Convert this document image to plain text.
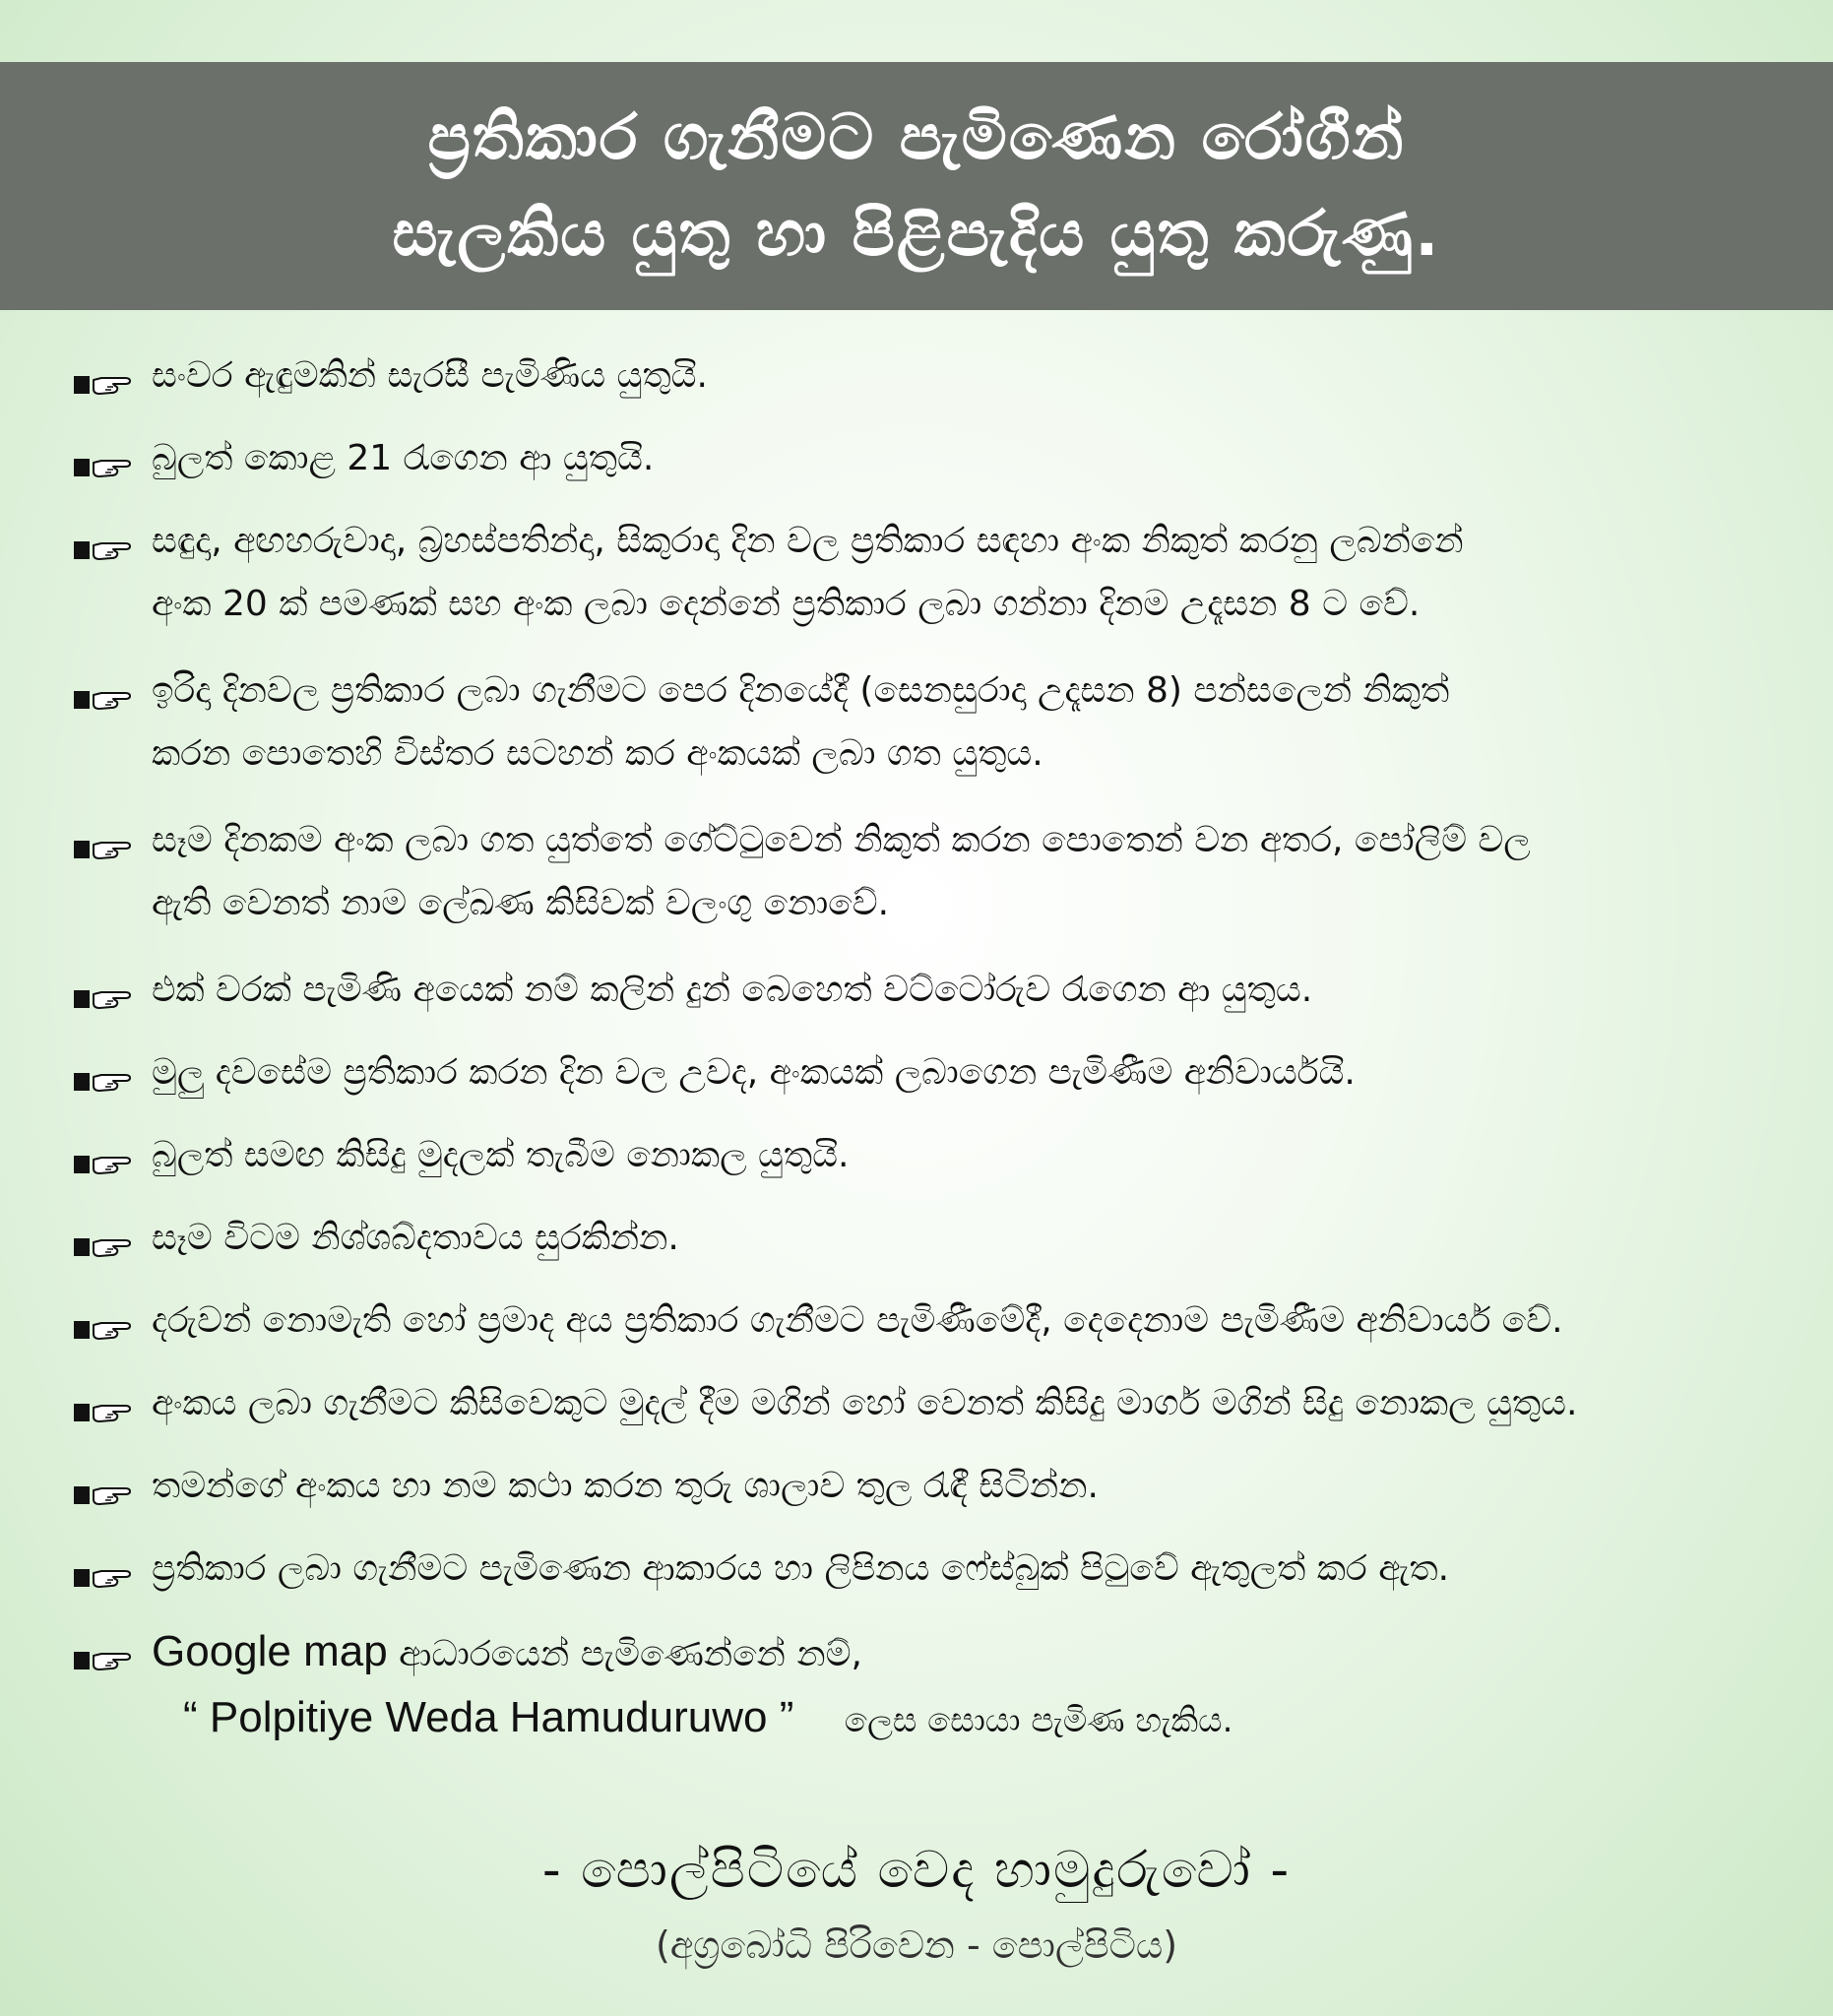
ප්‍රතිකාර ගැනීමට පැමිණෙන රෝගීන්
සැලකිය යුතු හා පිළිපැදිය යුතු කරුණු.
සංවර ඇඳුමකින් සැරසී පැමිණිය යුතුයි.
බුලත් කොළ 21 රැගෙන ආ යුතුයි.
සඳුදා, අඟහරුවාදා, බ්‍රහස්පතින්දා, සිකුරාදා දින වල ප්‍රතිකාර සඳහා අංක නිකුත් කරනු ලබන්නේ
අංක 20 ක් පමණක් සහ අංක ලබා දෙන්නේ ප්‍රතිකාර ලබා ගන්නා දිනම උදෑසන 8 ට වේ.
ඉරිදා දිනවල ප්‍රතිකාර ලබා ගැනීමට පෙර දිනයේදී (සෙනසුරාදා උදෑසන 8) පන්සලෙන් නිකුත්
කරන පොතෙහි විස්තර සටහන් කර අංකයක් ලබා ගත යුතුය.
සෑම දිනකම අංක ලබා ගත යුත්තේ ගේට්ටුවෙන් නිකුත් කරන පොතෙන් වන අතර, පෝලිම් වල
ඇති වෙනත් නාම ලේඛණ කිසිවක් වලංගු නොවේ.
එක් වරක් පැමිණි අයෙක් නම් කලින් දුන් බෙහෙත් වට්ටෝරුව රැගෙන ආ යුතුය.
මුලු දවසේම ප්‍රතිකාර කරන දින වල උවද, අංකයක් ලබාගෙන පැමිණීම අනිවාර්යයි.
බුලත් සමඟ කිසිදු මුදලක් තැබීම නොකල යුතුයි.
සෑම විටම නිශ්ශබ්දතාවය සුරකින්න.
දරුවන් නොමැති හෝ ප්‍රමාද අය ප්‍රතිකාර ගැනීමට පැමිණීමේදී, දෙදෙනාම පැමිණීම අනිවාර්ය වේ.
අංකය ලබා ගැනීමට කිසිවෙකුට මුදල් දීම මගින් හෝ වෙනත් කිසිදු මාර්ග මගින් සිදු නොකල යුතුය.
තමන්ගේ අංකය හා නම කථා කරන තුරු ශාලාව තුල රැඳී සිටින්න.
ප්‍රතිකාර ලබා ගැනීමට පැමිණෙන ආකාරය හා ලිපිනය ෆේස්බුක් පිටුවේ ඇතුලත් කර ඇත.
Google map ආධාරයෙන් පැමිණෙන්නේ නම්,
“ Polpitiye Weda Hamuduruwo ” ලෙස සොයා පැමිණ හැකිය.
- පොල්පිටියේ වෙද හාමුදුරුවෝ -
(අග්‍රබෝධි පිරිවෙන - පොල්පිටිය)
